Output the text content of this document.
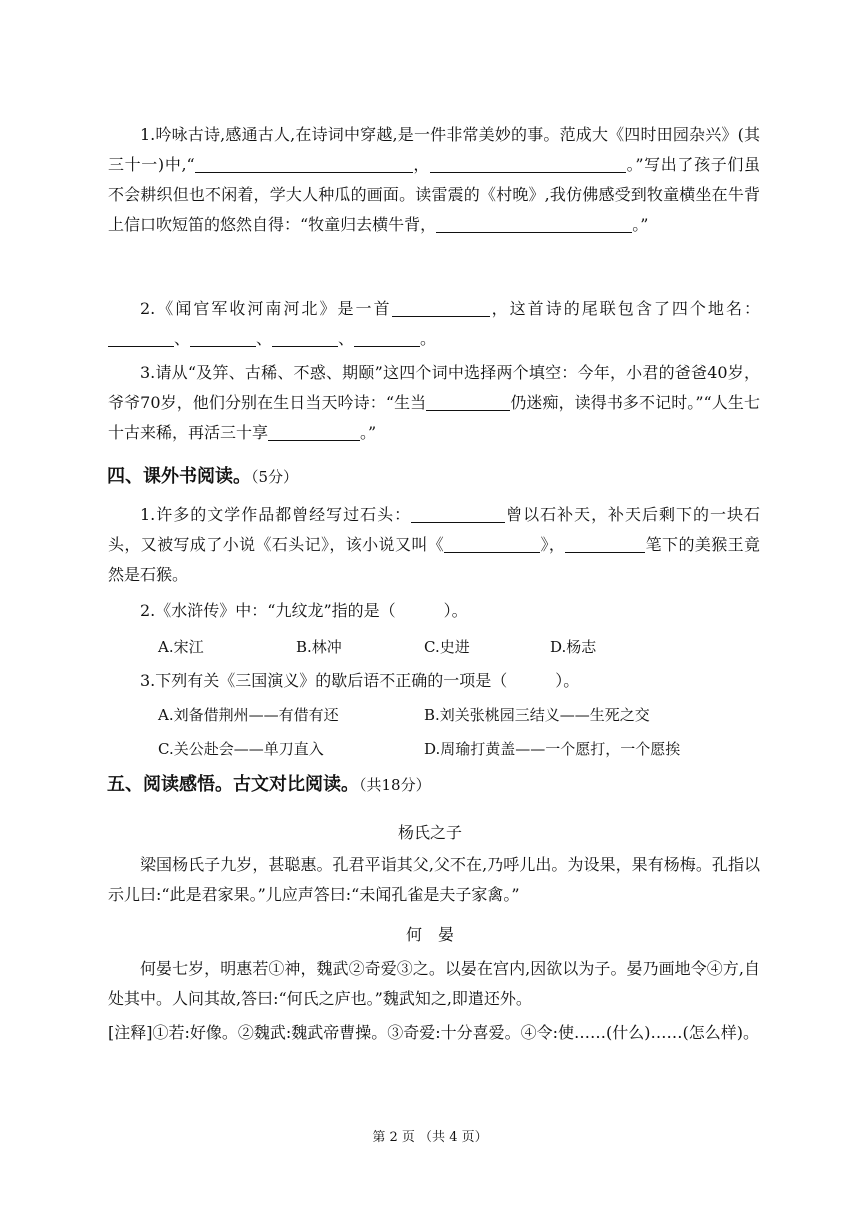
1.吟咏古诗,感通古人,在诗词中穿越,是一件非常美妙的事。范成大《四时田园杂兴》(其三十一)中,“	，	。”写出了孩子们虽不会耕织但也不闲着，学大人种瓜的画面。读雷震的《村晚》,我仿佛感受到牧童横坐在牛背上信口吹短笛的悠然自得：“牧童归去横牛背，	。”

2.《闻官军收河南河北》是一首	，这首诗的尾联包含了四个地名：、	、	、	。

3.请从“及笄、古稀、不惑、期颐”这四个词中选择两个填空：今年，小君的爸爸40岁，爷爷70岁，他们分别在生日当天吟诗：“生当	仍迷痴，读得书多不记时。”“人生七十古来稀，再活三十享	。”

四、课外书阅读。（5分）

1.许多的文学作品都曾经写过石头：	曾以石补天，补天后剩下的一块石头，又被写成了小说《石头记》，该小说又叫《	》，	笔下的美猴王竟然是石猴。

2.《水浒传》中：“九纹龙”指的是（　　　）。
A.宋江	B.林冲	C.史进	D.杨志
3.下列有关《三国演义》的歇后语不正确的一项是（　　　）。
A.刘备借荆州——有借有还	B.刘关张桃园三结义——生死之交
C.关公赴会——单刀直入	D.周瑜打黄盖——一个愿打，一个愿挨
五、阅读感悟。古文对比阅读。（共18分）
杨氏之子

梁国杨氏子九岁，甚聪惠。孔君平诣其父,父不在,乃呼儿出。为设果，果有杨梅。孔指以示儿曰:“此是君家果。”儿应声答曰:“未闻孔雀是夫子家禽。”

何　晏

何晏七岁，明惠若①神，魏武②奇爱③之。以晏在宫内,因欲以为子。晏乃画地令④方,自处其中。人问其故,答曰:“何氏之庐也。”魏武知之,即遣还外。

[注释]①若:好像。②魏武:魏武帝曹操。③奇爱:十分喜爱。④令:使……(什么)……(怎么样)。

第 2 页 （共 4 页）
